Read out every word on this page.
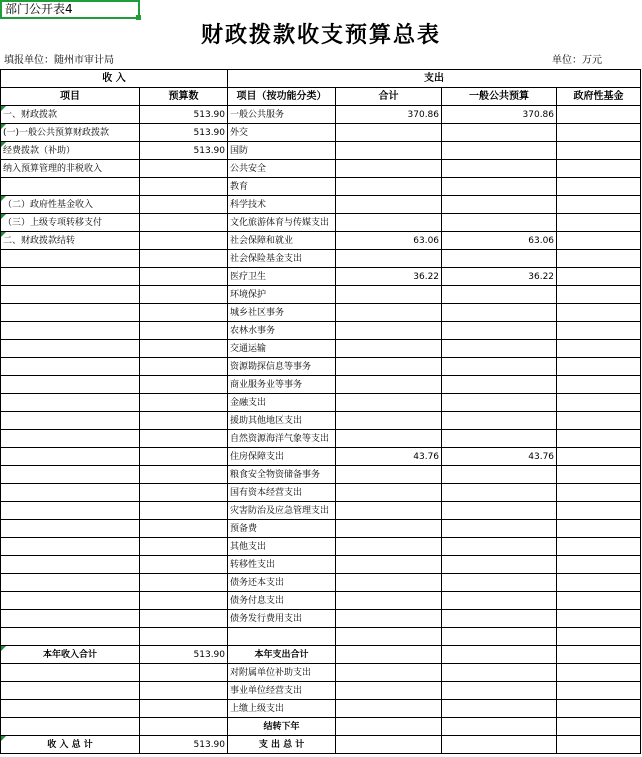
部门公开表4
财政拨款收支预算总表
填报单位：随州市审计局	单位：万元
收 入		支出			
项目	预算数	项目（按功能分类）	合计	一般公共预算	政府性基金
一、财政拨款	513.90	一般公共服务	370.86	370.86	
(一)一般公共预算财政拨款	513.90	外交			
经费拨款（补助）	513.90	国防			
纳入预算管理的非税收入		公共安全			
		教育			
（二）政府性基金收入		科学技术			
（三）上级专项转移支付		文化旅游体育与传媒支出			
二、财政拨款结转		社会保障和就业	63.06	63.06	
		社会保险基金支出			
		医疗卫生	36.22	36.22	
		环境保护			
		城乡社区事务			
		农林水事务			
		交通运输			
		资源勘探信息等事务			
		商业服务业等事务			
		金融支出			
		援助其他地区支出			
		自然资源海洋气象等支出			
		住房保障支出	43.76	43.76	
		粮食安全物资储备事务			
		国有资本经营支出			
		灾害防治及应急管理支出			
		预备费			
		其他支出			
		转移性支出			
		债务还本支出			
		债务付息支出			
		债务发行费用支出			

本年收入合计	513.90	本年支出合计			
		对附属单位补助支出			
		事业单位经营支出			
		上缴上级支出			
		结转下年			
收 入 总 计	513.90	支 出 总 计			
